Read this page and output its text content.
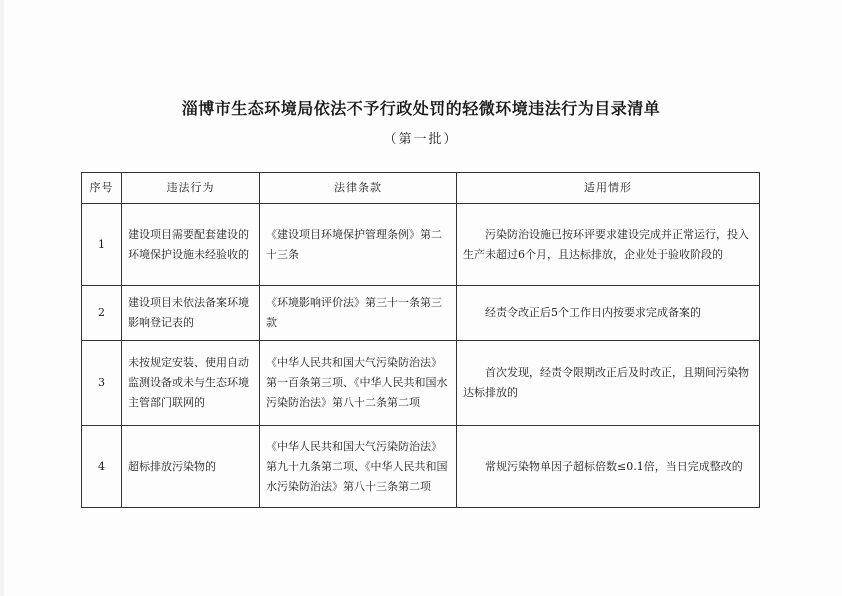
淄博市生态环境局依法不予行政处罚的轻微环境违法行为目录清单
（第一批）
序号	违法行为	法律条款	适用情形
1	建设项目需要配套建设的环境保护设施未经验收的	《建设项目环境保护管理条例》第二十三条	污染防治设施已按环评要求建设完成并正常运行，投入生产未超过6个月，且达标排放，企业处于验收阶段的
2	建设项目未依法备案环境影响登记表的	《环境影响评价法》第三十一条第三款	经责令改正后5个工作日内按要求完成备案的
3	未按规定安装、使用自动监测设备或未与生态环境主管部门联网的	《中华人民共和国大气污染防治法》第一百条第三项、《中华人民共和国水污染防治法》第八十二条第二项	首次发现，经责令限期改正后及时改正，且期间污染物达标排放的
4	超标排放污染物的	《中华人民共和国大气污染防治法》第九十九条第二项、《中华人民共和国水污染防治法》第八十三条第二项	常规污染物单因子超标倍数≤0.1倍，当日完成整改的
